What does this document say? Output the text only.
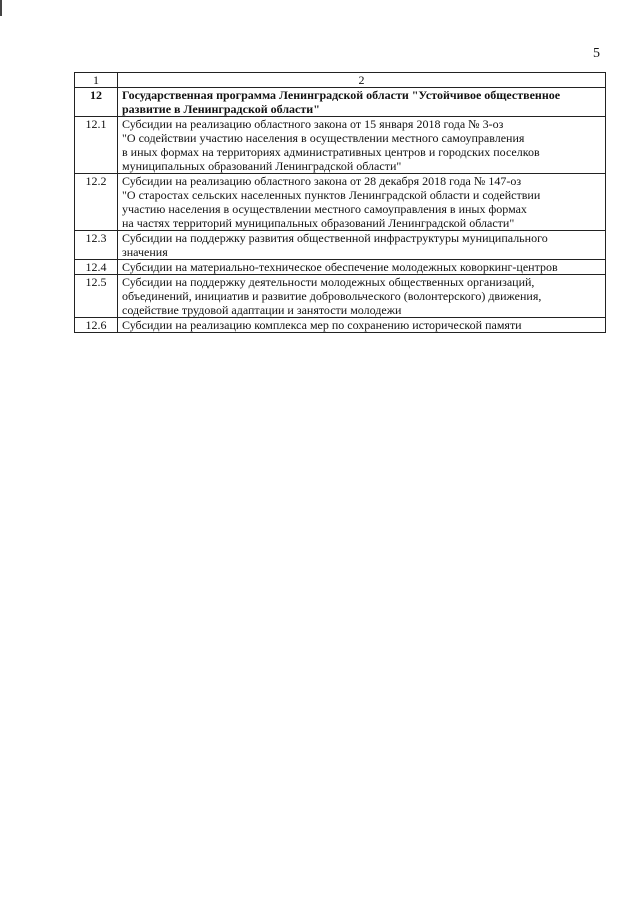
5
1	2
12	Государственная программа Ленинградской области "Устойчивое общественное
развитие в Ленинградской области"

12.1	Субсидии на реализацию областного закона от 15 января 2018 года № 3-оз
"О содействии участию населения в осуществлении местного самоуправления
в иных формах на территориях административных центров и городских поселков
муниципальных образований Ленинградской области"

12.2	Субсидии на реализацию областного закона от 28 декабря 2018 года № 147-оз
"О старостах сельских населенных пунктов Ленинградской области и содействии
участию населения в осуществлении местного самоуправления в иных формах
на частях территорий муниципальных образований Ленинградской области"

12.3	Субсидии на поддержку развития общественной инфраструктуры муниципального
значения

12.4	Субсидии на материально-техническое обеспечение молодежных коворкинг-центров

12.5	Субсидии на поддержку деятельности молодежных общественных организаций,
объединений, инициатив и развитие добровольческого (волонтерского) движения,
содействие трудовой адаптации и занятости молодежи

12.6	Субсидии на реализацию комплекса мер по сохранению исторической памяти
